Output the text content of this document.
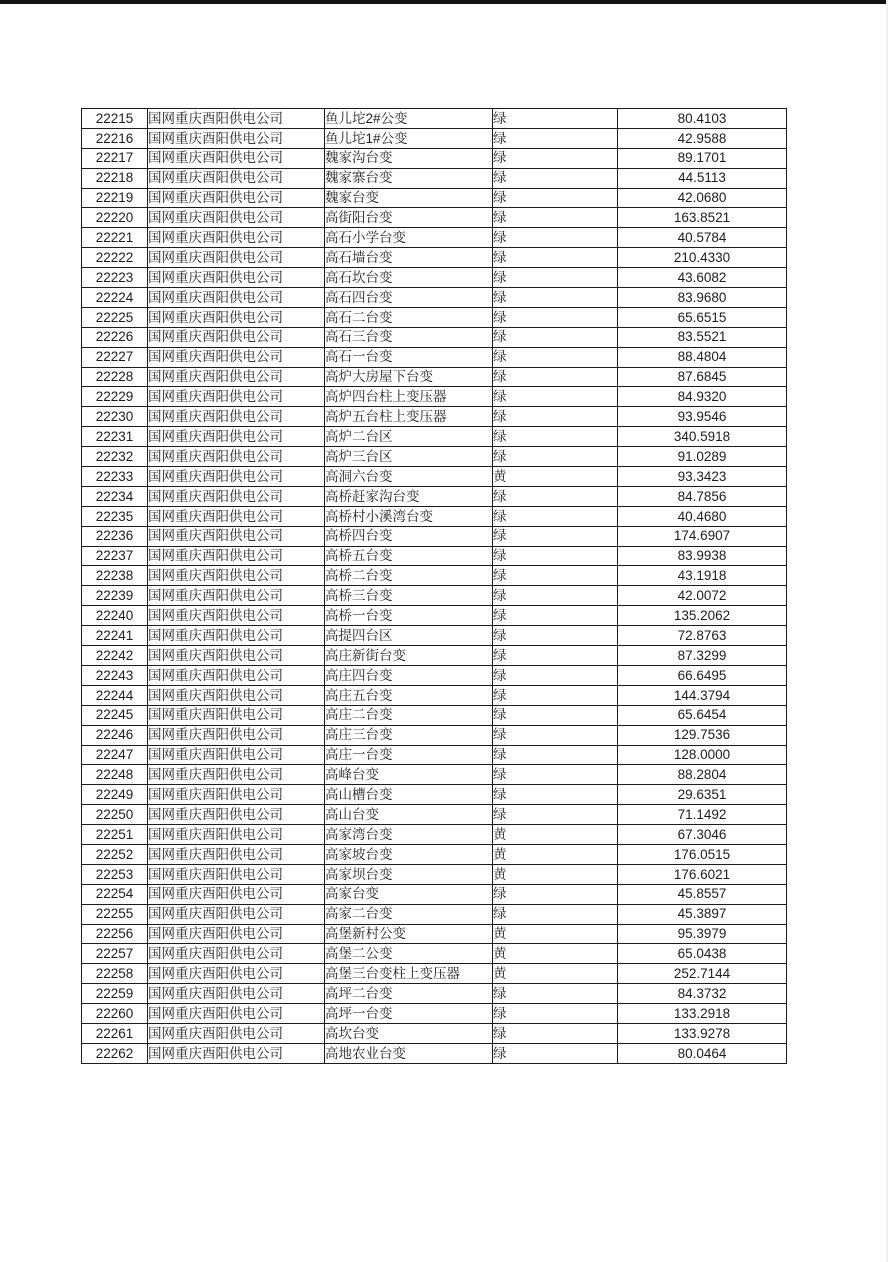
22215	国网重庆酉阳供电公司	鱼儿坨2#公变	绿	80.4103
22216	国网重庆酉阳供电公司	鱼儿坨1#公变	绿	42.9588
22217	国网重庆酉阳供电公司	魏家沟台变	绿	89.1701
22218	国网重庆酉阳供电公司	魏家寨台变	绿	44.5113
22219	国网重庆酉阳供电公司	魏家台变	绿	42.0680
22220	国网重庆酉阳供电公司	高街阳台变	绿	163.8521
22221	国网重庆酉阳供电公司	高石小学台变	绿	40.5784
22222	国网重庆酉阳供电公司	高石墙台变	绿	210.4330
22223	国网重庆酉阳供电公司	高石坎台变	绿	43.6082
22224	国网重庆酉阳供电公司	高石四台变	绿	83.9680
22225	国网重庆酉阳供电公司	高石二台变	绿	65.6515
22226	国网重庆酉阳供电公司	高石三台变	绿	83.5521
22227	国网重庆酉阳供电公司	高石一台变	绿	88.4804
22228	国网重庆酉阳供电公司	高炉大房屋下台变	绿	87.6845
22229	国网重庆酉阳供电公司	高炉四台柱上变压器	绿	84.9320
22230	国网重庆酉阳供电公司	高炉五台柱上变压器	绿	93.9546
22231	国网重庆酉阳供电公司	高炉二台区	绿	340.5918
22232	国网重庆酉阳供电公司	高炉三台区	绿	91.0289
22233	国网重庆酉阳供电公司	高洞六台变	黄	93.3423
22234	国网重庆酉阳供电公司	高桥赶家沟台变	绿	84.7856
22235	国网重庆酉阳供电公司	高桥村小溪湾台变	绿	40.4680
22236	国网重庆酉阳供电公司	高桥四台变	绿	174.6907
22237	国网重庆酉阳供电公司	高桥五台变	绿	83.9938
22238	国网重庆酉阳供电公司	高桥二台变	绿	43.1918
22239	国网重庆酉阳供电公司	高桥三台变	绿	42.0072
22240	国网重庆酉阳供电公司	高桥一台变	绿	135.2062
22241	国网重庆酉阳供电公司	高提四台区	绿	72.8763
22242	国网重庆酉阳供电公司	高庄新街台变	绿	87.3299
22243	国网重庆酉阳供电公司	高庄四台变	绿	66.6495
22244	国网重庆酉阳供电公司	高庄五台变	绿	144.3794
22245	国网重庆酉阳供电公司	高庄二台变	绿	65.6454
22246	国网重庆酉阳供电公司	高庄三台变	绿	129.7536
22247	国网重庆酉阳供电公司	高庄一台变	绿	128.0000
22248	国网重庆酉阳供电公司	高峰台变	绿	88.2804
22249	国网重庆酉阳供电公司	高山槽台变	绿	29.6351
22250	国网重庆酉阳供电公司	高山台变	绿	71.1492
22251	国网重庆酉阳供电公司	高家湾台变	黄	67.3046
22252	国网重庆酉阳供电公司	高家坡台变	黄	176.0515
22253	国网重庆酉阳供电公司	高家坝台变	黄	176.6021
22254	国网重庆酉阳供电公司	高家台变	绿	45.8557
22255	国网重庆酉阳供电公司	高家二台变	绿	45.3897
22256	国网重庆酉阳供电公司	高堡新村公变	黄	95.3979
22257	国网重庆酉阳供电公司	高堡二公变	黄	65.0438
22258	国网重庆酉阳供电公司	高堡三台变柱上变压器	黄	252.7144
22259	国网重庆酉阳供电公司	高坪二台变	绿	84.3732
22260	国网重庆酉阳供电公司	高坪一台变	绿	133.2918
22261	国网重庆酉阳供电公司	高坎台变	绿	133.9278
22262	国网重庆酉阳供电公司	高地农业台变	绿	80.0464
